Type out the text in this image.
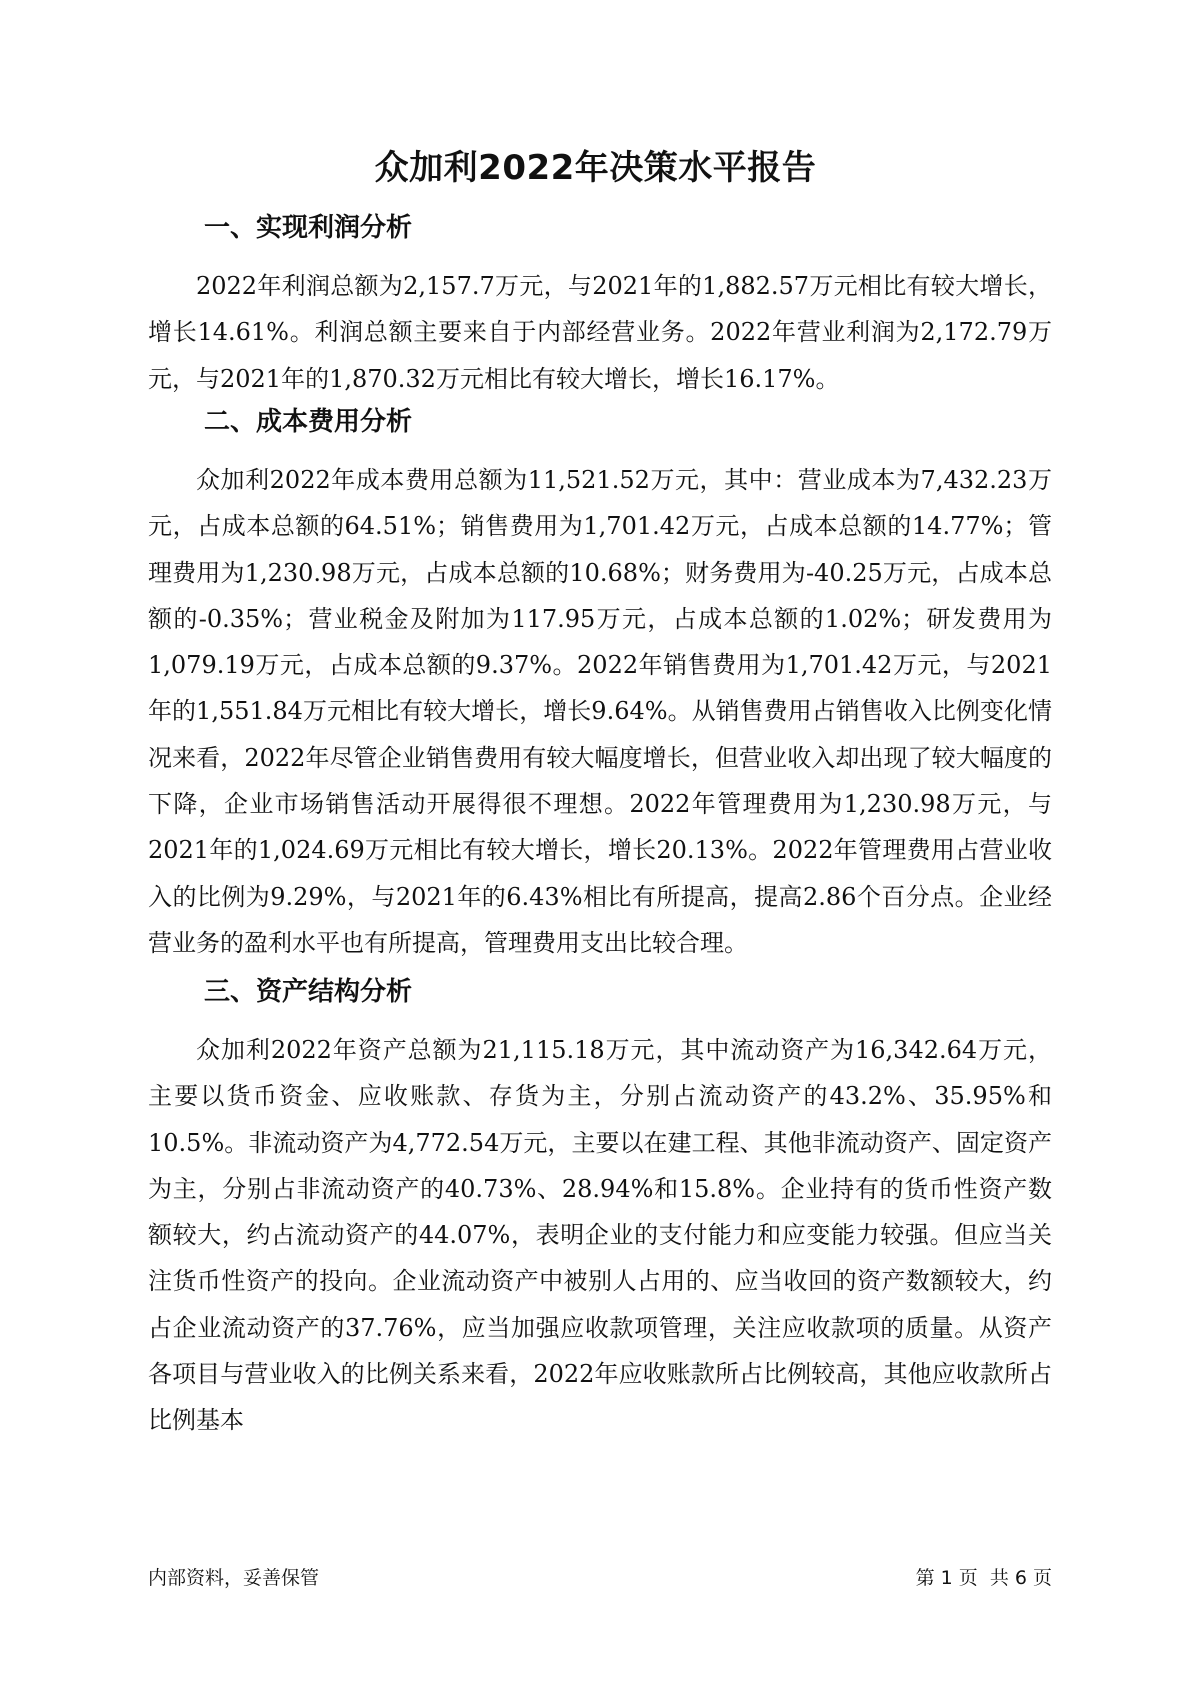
众加利2022年决策水平报告
一、实现利润分析

2022年利润总额为2,157.7万元，与2021年的1,882.57万元相比有较大增长，增长14.61%。利润总额主要来自于内部经营业务。2022年营业利润为2,172.79万元，与2021年的1,870.32万元相比有较大增长，增长16.17%。

二、成本费用分析

众加利2022年成本费用总额为11,521.52万元，其中：营业成本为7,432.23万元，占成本总额的64.51%；销售费用为1,701.42万元，占成本总额的14.77%；管理费用为1,230.98万元，占成本总额的10.68%；财务费用为-40.25万元，占成本总额的-0.35%；营业税金及附加为117.95万元，占成本总额的1.02%；研发费用为1,079.19万元，占成本总额的9.37%。2022年销售费用为1,701.42万元，与2021年的1,551.84万元相比有较大增长，增长9.64%。从销售费用占销售收入比例变化情况来看，2022年尽管企业销售费用有较大幅度增长，但营业收入却出现了较大幅度的下降，企业市场销售活动开展得很不理想。2022年管理费用为1,230.98万元，与2021年的1,024.69万元相比有较大增长，增长20.13%。2022年管理费用占营业收入的比例为9.29%，与2021年的6.43%相比有所提高，提高2.86个百分点。企业经营业务的盈利水平也有所提高，管理费用支出比较合理。

三、资产结构分析

众加利2022年资产总额为21,115.18万元，其中流动资产为16,342.64万元，主要以货币资金、应收账款、存货为主，分别占流动资产的43.2%、35.95%和10.5%。非流动资产为4,772.54万元，主要以在建工程、其他非流动资产、固定资产为主，分别占非流动资产的40.73%、28.94%和15.8%。企业持有的货币性资产数额较大，约占流动资产的44.07%，表明企业的支付能力和应变能力较强。但应当关注货币性资产的投向。企业流动资产中被别人占用的、应当收回的资产数额较大，约占企业流动资产的37.76%，应当加强应收款项管理，关注应收款项的质量。从资产各项目与营业收入的比例关系来看，2022年应收账款所占比例较高，其他应收款所占比例基本

内部资料，妥善保管	第 1 页  共 6 页
